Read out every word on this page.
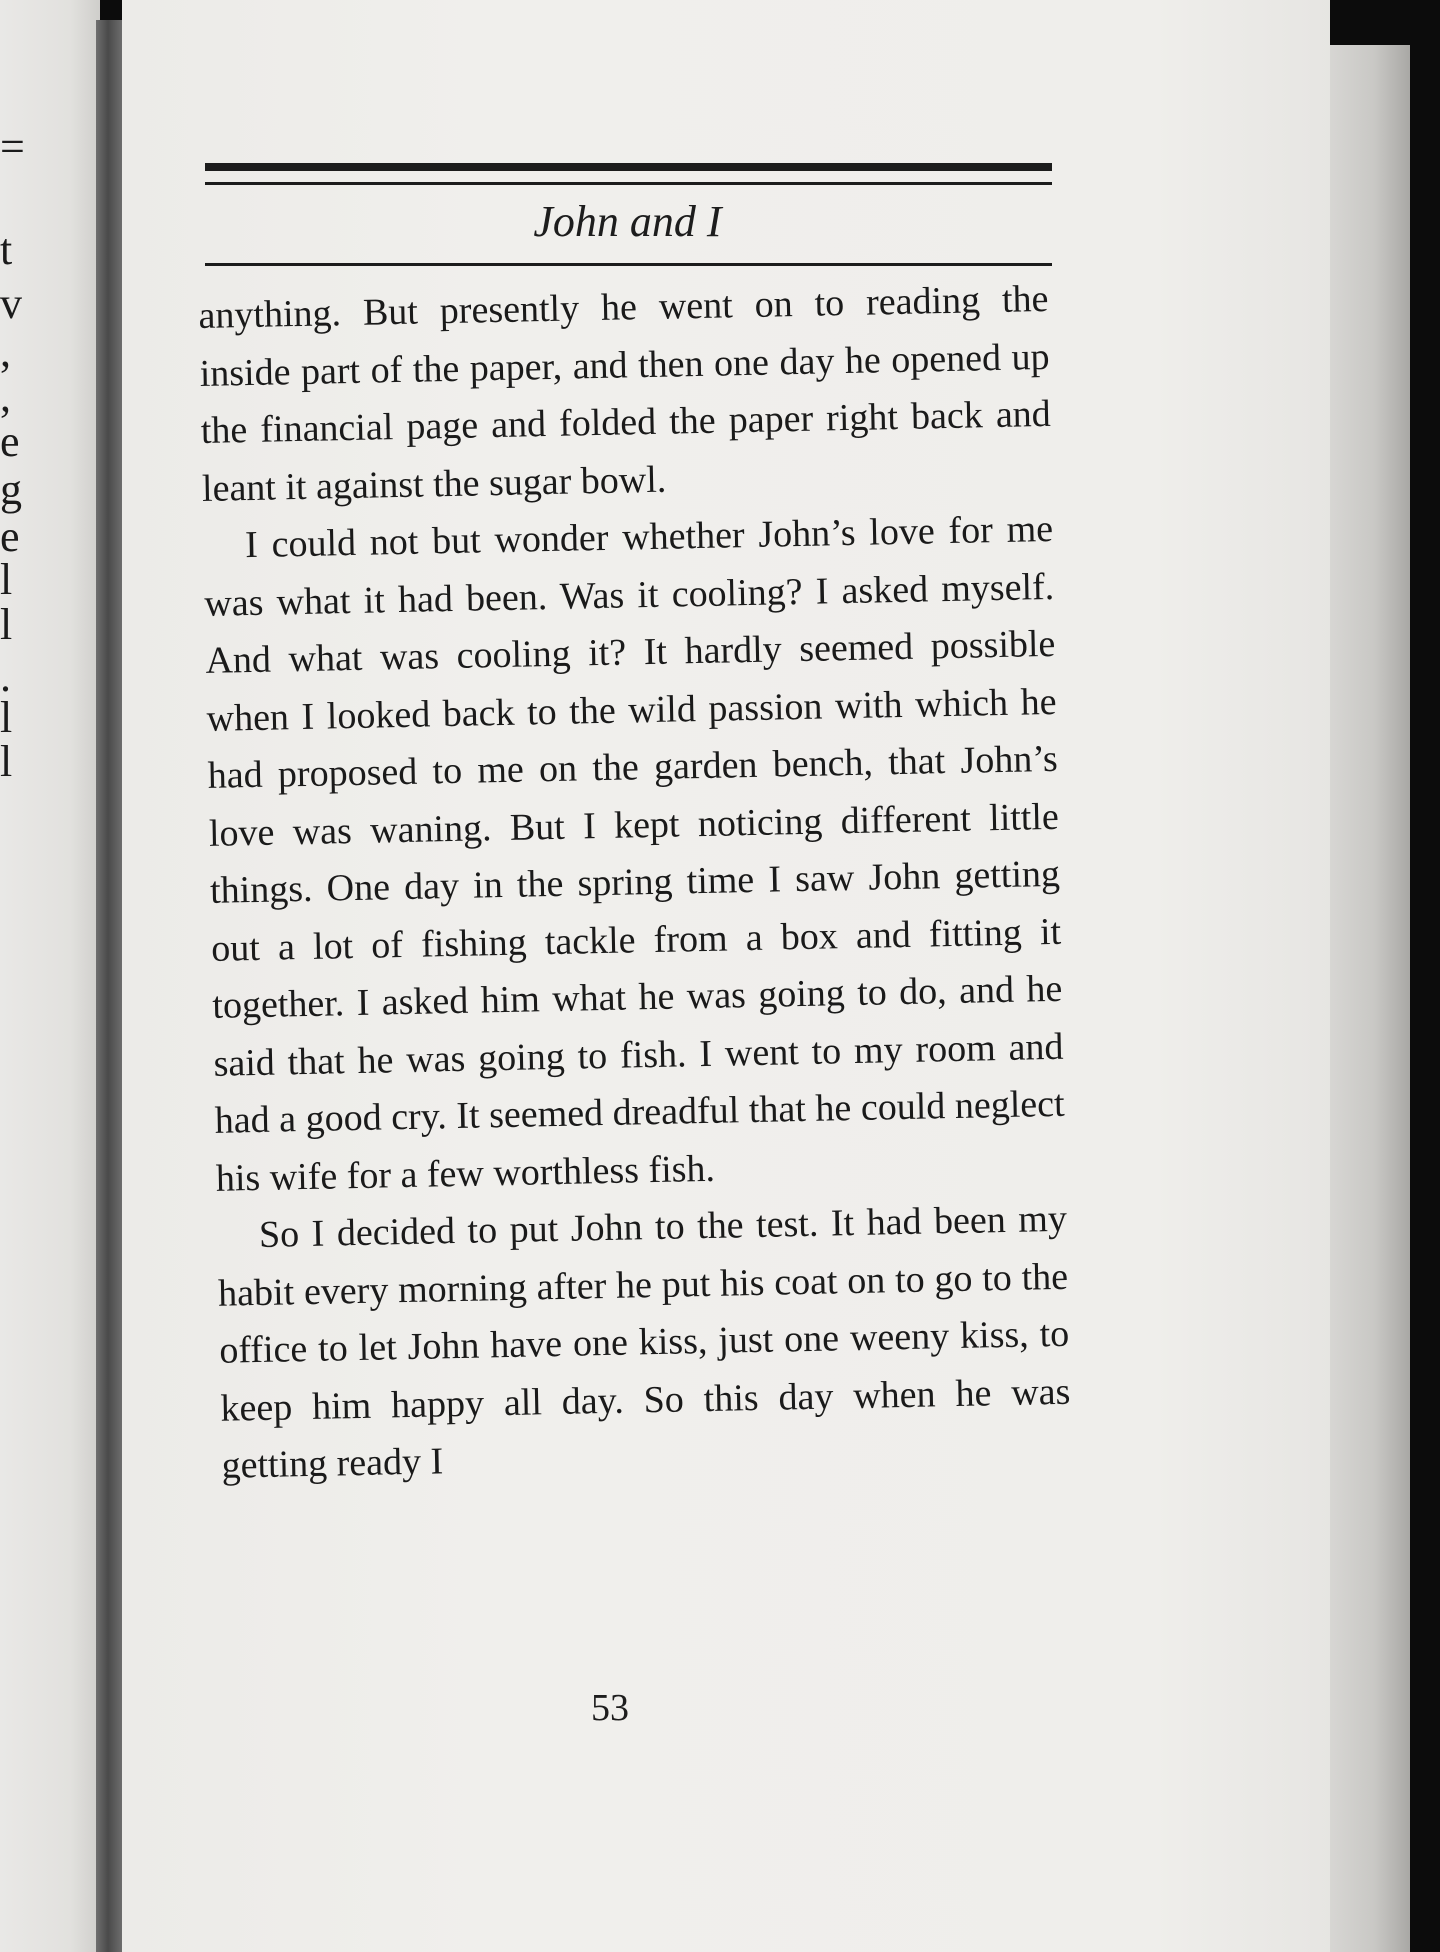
=
t
v
,
,
e
g
e
l
l
.
l
l
John and I

anything. But presently he went on to reading the inside part of the paper, and then one day he opened up the financial page and folded the paper right back and leant it against the sugar bowl.

I could not but wonder whether John’s love for me was what it had been. Was it cooling? I asked myself. And what was cooling it? It hardly seemed possible when I looked back to the wild passion with which he had proposed to me on the garden bench, that John’s love was waning. But I kept noticing different little things. One day in the spring time I saw John getting out a lot of fishing tackle from a box and fitting it together. I asked him what he was going to do, and he said that he was going to fish. I went to my room and had a good cry. It seemed dreadful that he could neglect his wife for a few worthless fish.

So I decided to put John to the test. It had been my habit every morning after he put his coat on to go to the office to let John have one kiss, just one weeny kiss, to keep him happy all day. So this day when he was getting ready I

53
